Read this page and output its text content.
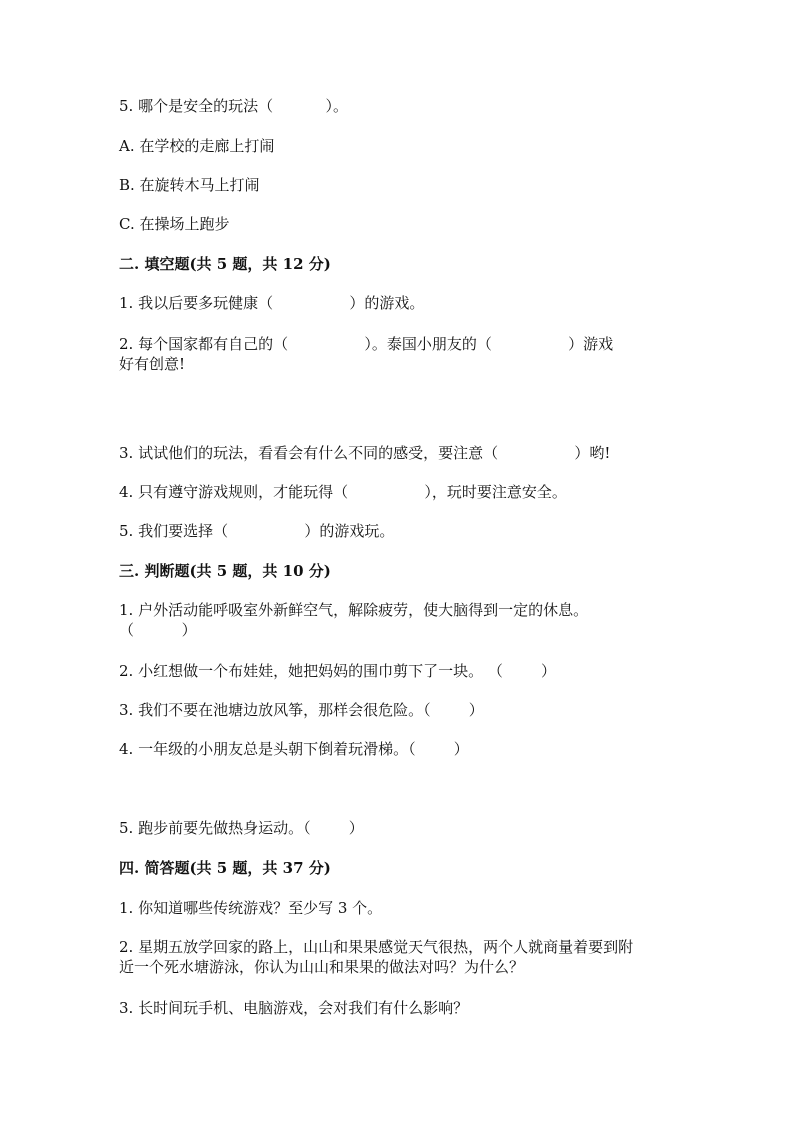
5. 哪个是安全的玩法（           ）。
A. 在学校的走廊上打闹
B. 在旋转木马上打闹
C. 在操场上跑步
二. 填空题(共 5 题，共 12 分)
1. 我以后要多玩健康（                ）的游戏。
2. 每个国家都有自己的（                ）。泰国小朋友的（                ）游戏
好有创意!
3. 试试他们的玩法，看看会有什么不同的感受，要注意（                ）哟!
4. 只有遵守游戏规则，才能玩得（                ），玩时要注意安全。
5. 我们要选择（                ）的游戏玩。
三. 判断题(共 5 题，共 10 分)
1. 户外活动能呼吸室外新鲜空气，解除疲劳，使大脑得到一定的休息。
（          ）
2. 小红想做一个布娃娃，她把妈妈的围巾剪下了一块。 （        ）
3. 我们不要在池塘边放风筝，那样会很危险。（        ）
4. 一年级的小朋友总是头朝下倒着玩滑梯。（        ）
5. 跑步前要先做热身运动。（        ）
四. 简答题(共 5 题，共 37 分)
1. 你知道哪些传统游戏？至少写 3 个。
2. 星期五放学回家的路上，山山和果果感觉天气很热，两个人就商量着要到附
近一个死水塘游泳，你认为山山和果果的做法对吗？为什么？
3. 长时间玩手机、电脑游戏，会对我们有什么影响？
